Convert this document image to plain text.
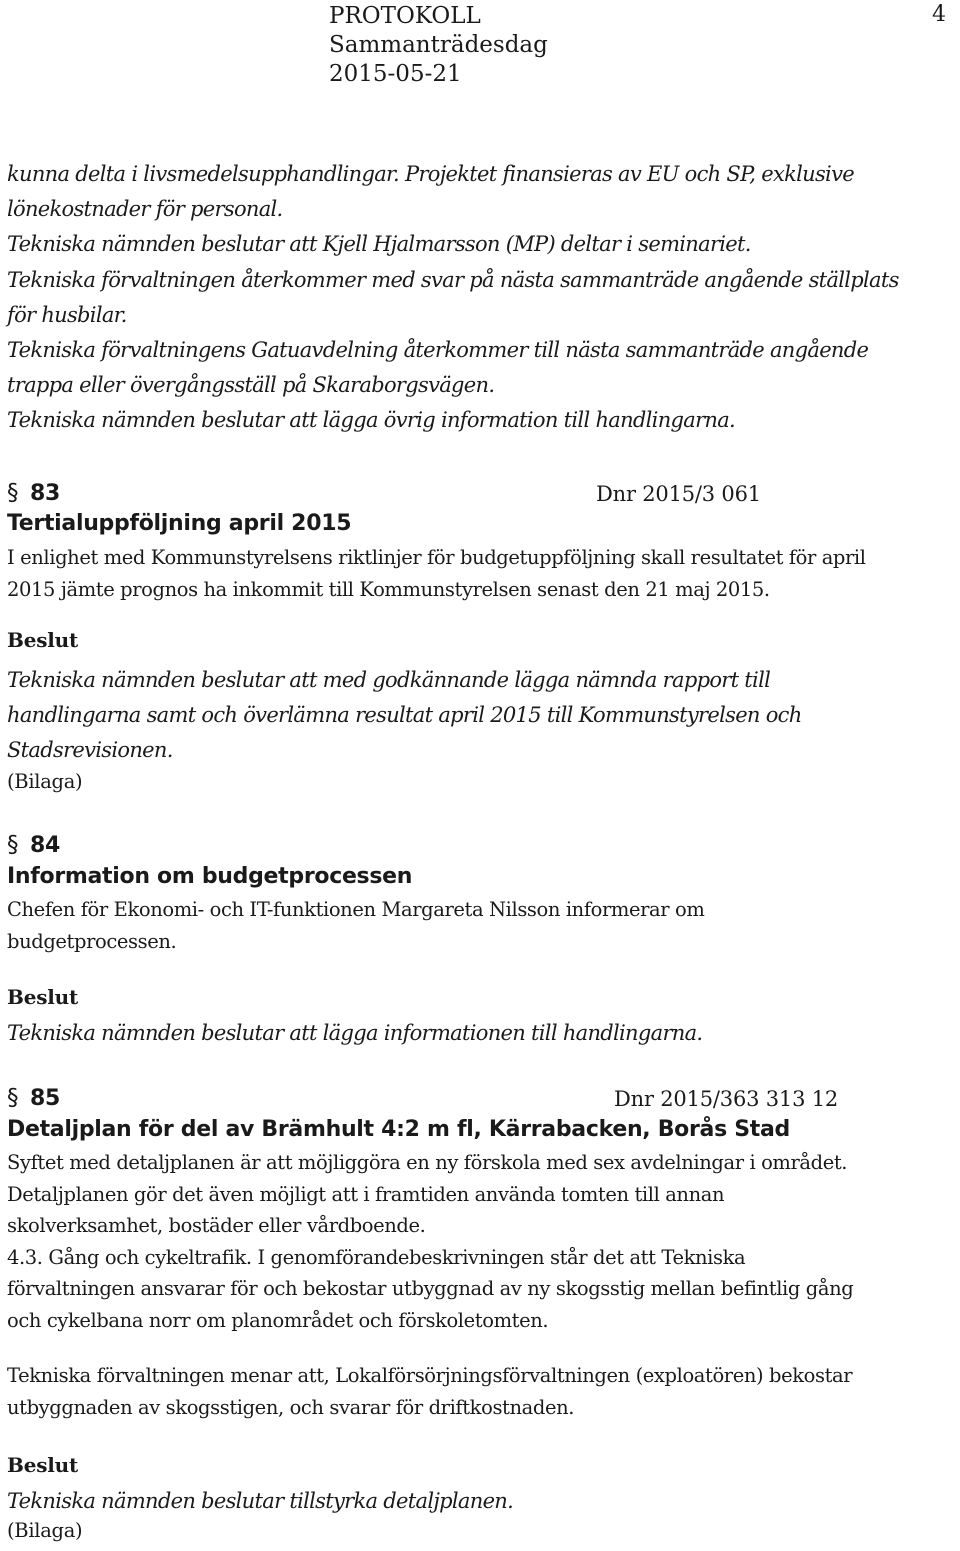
PROTOKOLL
Sammanträdesdag
2015-05-21
4
kunna delta i livsmedelsupphandlingar. Projektet finansieras av EU och SP, exklusive
lönekostnader för personal.
Tekniska nämnden beslutar att Kjell Hjalmarsson (MP) deltar i seminariet.
Tekniska förvaltningen återkommer med svar på nästa sammanträde angående ställplats
för husbilar.
Tekniska förvaltningens Gatuavdelning återkommer till nästa sammanträde angående
trappa eller övergångsställ på Skaraborgsvägen.
Tekniska nämnden beslutar att lägga övrig information till handlingarna.
§ 83	Dnr 2015/3 061
Tertialuppföljning april 2015
I enlighet med Kommunstyrelsens riktlinjer för budgetuppföljning skall resultatet för april
2015 jämte prognos ha inkommit till Kommunstyrelsen senast den 21 maj 2015.
Beslut
Tekniska nämnden beslutar att med godkännande lägga nämnda rapport till
handlingarna samt och överlämna resultat april 2015 till Kommunstyrelsen och
Stadsrevisionen.
(Bilaga)
§ 84
Information om budgetprocessen
Chefen för Ekonomi- och IT-funktionen Margareta Nilsson informerar om
budgetprocessen.
Beslut
Tekniska nämnden beslutar att lägga informationen till handlingarna.
§ 85	Dnr 2015/363 313 12
Detaljplan för del av Brämhult 4:2 m fl, Kärrabacken, Borås Stad
Syftet med detaljplanen är att möjliggöra en ny förskola med sex avdelningar i området.
Detaljplanen gör det även möjligt att i framtiden använda tomten till annan
skolverksamhet, bostäder eller vårdboende.
4.3. Gång och cykeltrafik. I genomförandebeskrivningen står det att Tekniska
förvaltningen ansvarar för och bekostar utbyggnad av ny skogsstig mellan befintlig gång
och cykelbana norr om planområdet och förskoletomten.
Tekniska förvaltningen menar att, Lokalförsörjningsförvaltningen (exploatören) bekostar
utbyggnaden av skogsstigen, och svarar för driftkostnaden.
Beslut
Tekniska nämnden beslutar tillstyrka detaljplanen.
(Bilaga)
